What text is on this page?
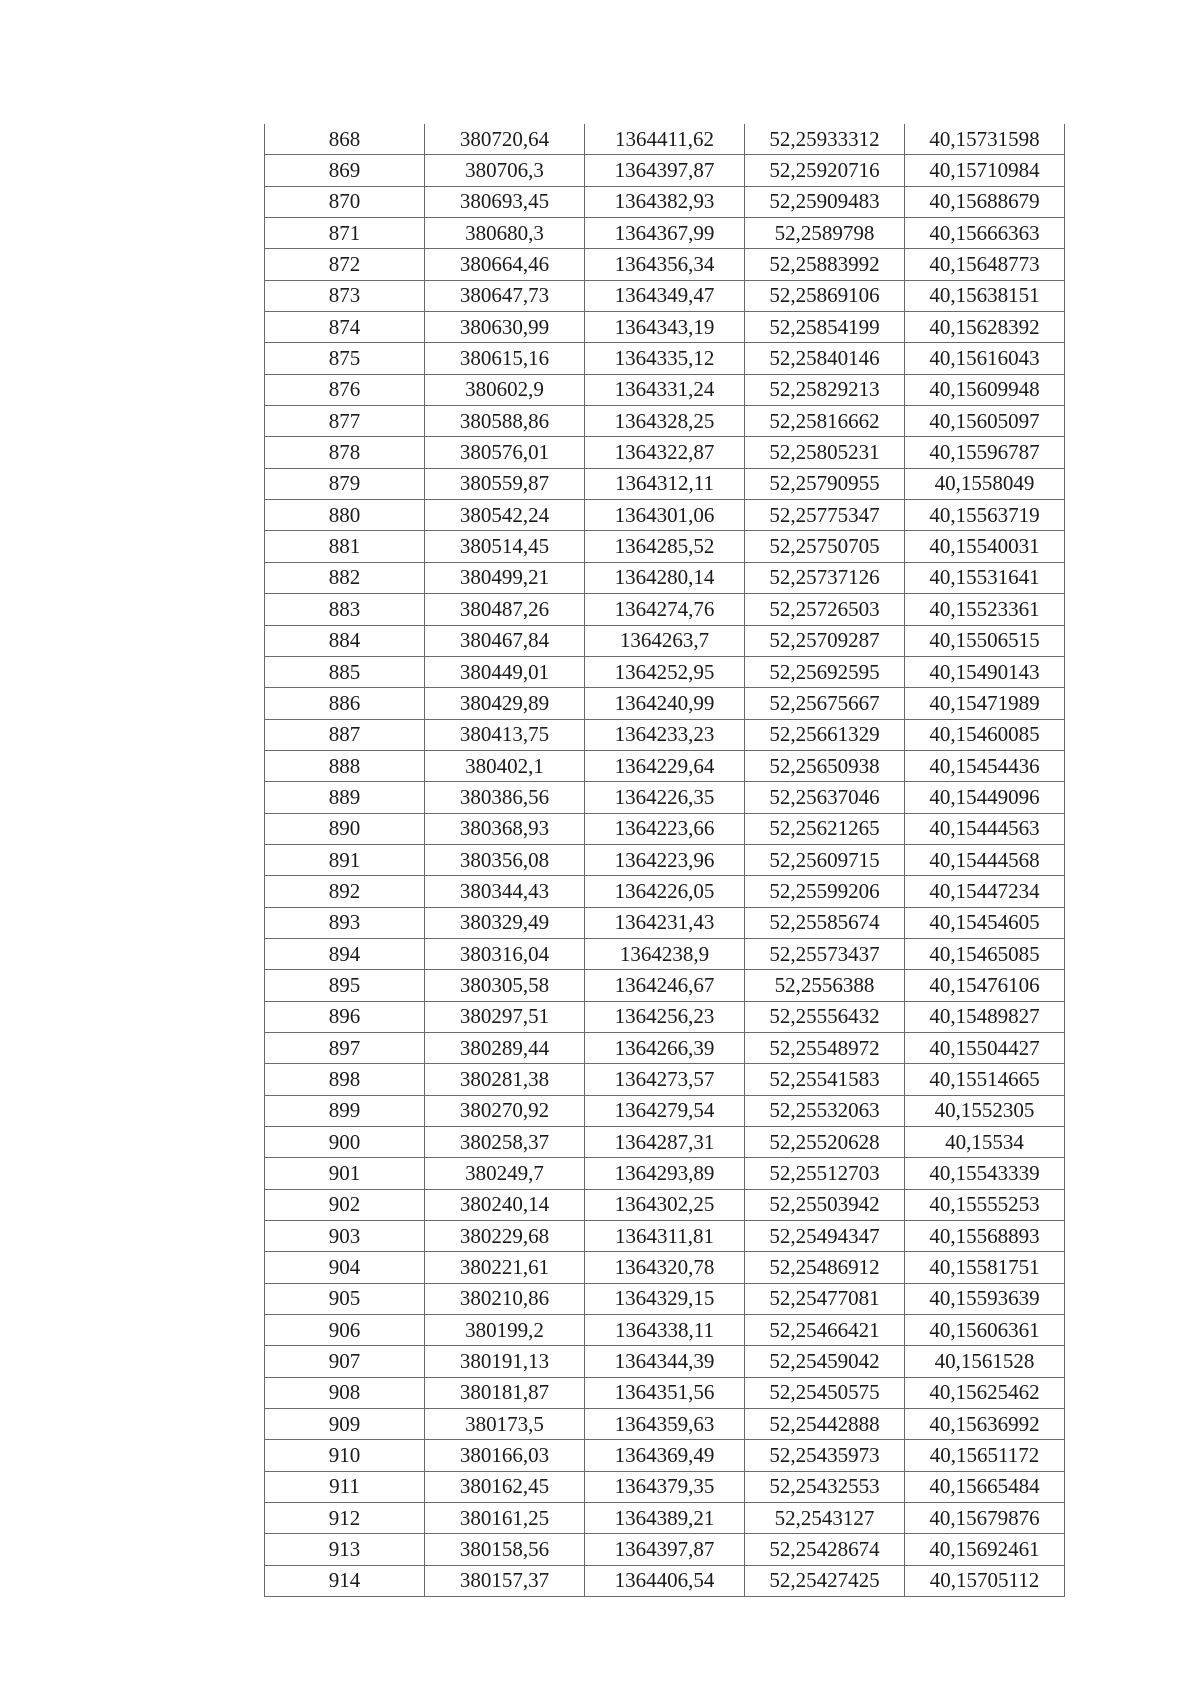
868	380720,64	1364411,62	52,25933312	40,15731598
869	380706,3	1364397,87	52,25920716	40,15710984
870	380693,45	1364382,93	52,25909483	40,15688679
871	380680,3	1364367,99	52,2589798	40,15666363
872	380664,46	1364356,34	52,25883992	40,15648773
873	380647,73	1364349,47	52,25869106	40,15638151
874	380630,99	1364343,19	52,25854199	40,15628392
875	380615,16	1364335,12	52,25840146	40,15616043
876	380602,9	1364331,24	52,25829213	40,15609948
877	380588,86	1364328,25	52,25816662	40,15605097
878	380576,01	1364322,87	52,25805231	40,15596787
879	380559,87	1364312,11	52,25790955	40,1558049
880	380542,24	1364301,06	52,25775347	40,15563719
881	380514,45	1364285,52	52,25750705	40,15540031
882	380499,21	1364280,14	52,25737126	40,15531641
883	380487,26	1364274,76	52,25726503	40,15523361
884	380467,84	1364263,7	52,25709287	40,15506515
885	380449,01	1364252,95	52,25692595	40,15490143
886	380429,89	1364240,99	52,25675667	40,15471989
887	380413,75	1364233,23	52,25661329	40,15460085
888	380402,1	1364229,64	52,25650938	40,15454436
889	380386,56	1364226,35	52,25637046	40,15449096
890	380368,93	1364223,66	52,25621265	40,15444563
891	380356,08	1364223,96	52,25609715	40,15444568
892	380344,43	1364226,05	52,25599206	40,15447234
893	380329,49	1364231,43	52,25585674	40,15454605
894	380316,04	1364238,9	52,25573437	40,15465085
895	380305,58	1364246,67	52,2556388	40,15476106
896	380297,51	1364256,23	52,25556432	40,15489827
897	380289,44	1364266,39	52,25548972	40,15504427
898	380281,38	1364273,57	52,25541583	40,15514665
899	380270,92	1364279,54	52,25532063	40,1552305
900	380258,37	1364287,31	52,25520628	40,15534
901	380249,7	1364293,89	52,25512703	40,15543339
902	380240,14	1364302,25	52,25503942	40,15555253
903	380229,68	1364311,81	52,25494347	40,15568893
904	380221,61	1364320,78	52,25486912	40,15581751
905	380210,86	1364329,15	52,25477081	40,15593639
906	380199,2	1364338,11	52,25466421	40,15606361
907	380191,13	1364344,39	52,25459042	40,1561528
908	380181,87	1364351,56	52,25450575	40,15625462
909	380173,5	1364359,63	52,25442888	40,15636992
910	380166,03	1364369,49	52,25435973	40,15651172
911	380162,45	1364379,35	52,25432553	40,15665484
912	380161,25	1364389,21	52,2543127	40,15679876
913	380158,56	1364397,87	52,25428674	40,15692461
914	380157,37	1364406,54	52,25427425	40,15705112
